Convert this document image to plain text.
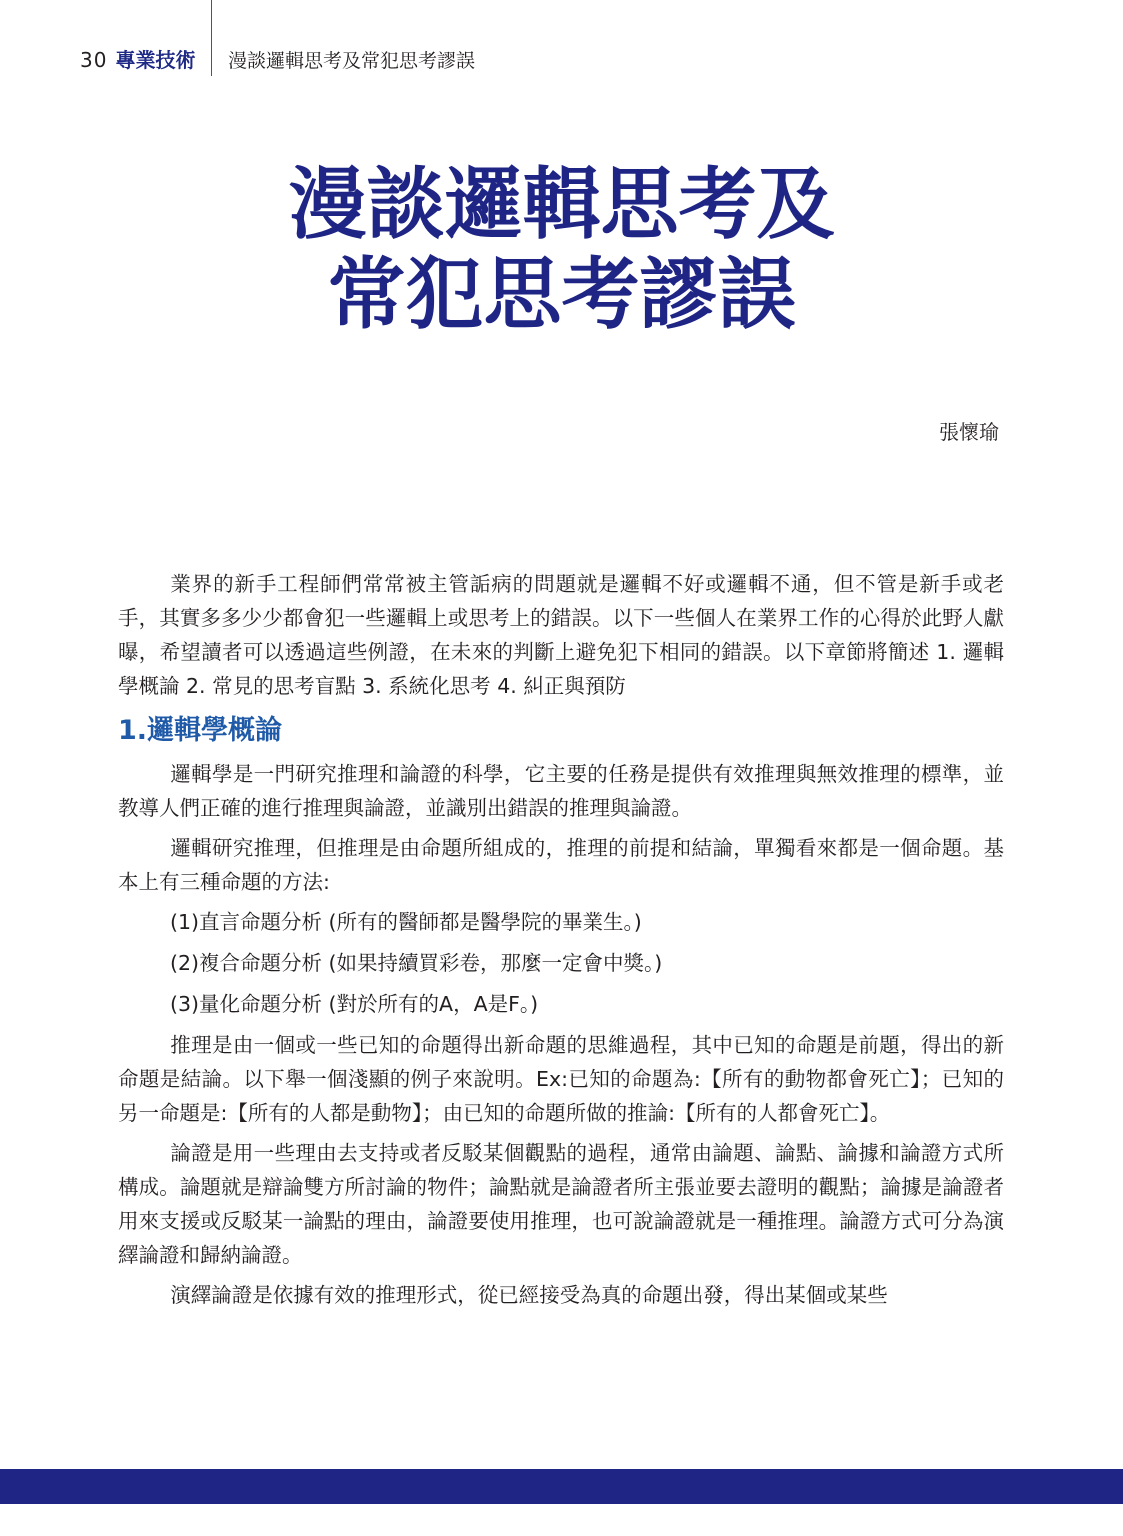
30 專業技術 漫談邏輯思考及常犯思考謬誤
漫談邏輯思考及
常犯思考謬誤
張懷瑜

業界的新手工程師們常常被主管詬病的問題就是邏輯不好或邏輯不通，但不管是新手或老手，其實多多少少都會犯一些邏輯上或思考上的錯誤。以下一些個人在業界工作的心得於此野人獻曝，希望讀者可以透過這些例證，在未來的判斷上避免犯下相同的錯誤。以下章節將簡述 1. 邏輯學概論 2. 常見的思考盲點 3. 系統化思考 4. 糾正與預防

1.邏輯學概論

邏輯學是一門研究推理和論證的科學，它主要的任務是提供有效推理與無效推理的標準，並教導人們正確的進行推理與論證，並識別出錯誤的推理與論證。

邏輯研究推理，但推理是由命題所組成的，推理的前提和結論，單獨看來都是一個命題。基本上有三種命題的方法:

(1)直言命題分析 (所有的醫師都是醫學院的畢業生。)

(2)複合命題分析 (如果持續買彩卷，那麼一定會中獎。)

(3)量化命題分析 (對於所有的A，A是F。)

推理是由一個或一些已知的命題得出新命題的思維過程，其中已知的命題是前題，得出的新命題是結論。以下舉一個淺顯的例子來說明。Ex:已知的命題為:【所有的動物都會死亡】；已知的另一命題是:【所有的人都是動物】；由已知的命題所做的推論:【所有的人都會死亡】。

論證是用一些理由去支持或者反駁某個觀點的過程，通常由論題、論點、論據和論證方式所構成。論題就是辯論雙方所討論的物件；論點就是論證者所主張並要去證明的觀點；論據是論證者用來支援或反駁某一論點的理由，論證要使用推理，也可說論證就是一種推理。論證方式可分為演繹論證和歸納論證。

演繹論證是依據有效的推理形式，從已經接受為真的命題出發，得出某個或某些
